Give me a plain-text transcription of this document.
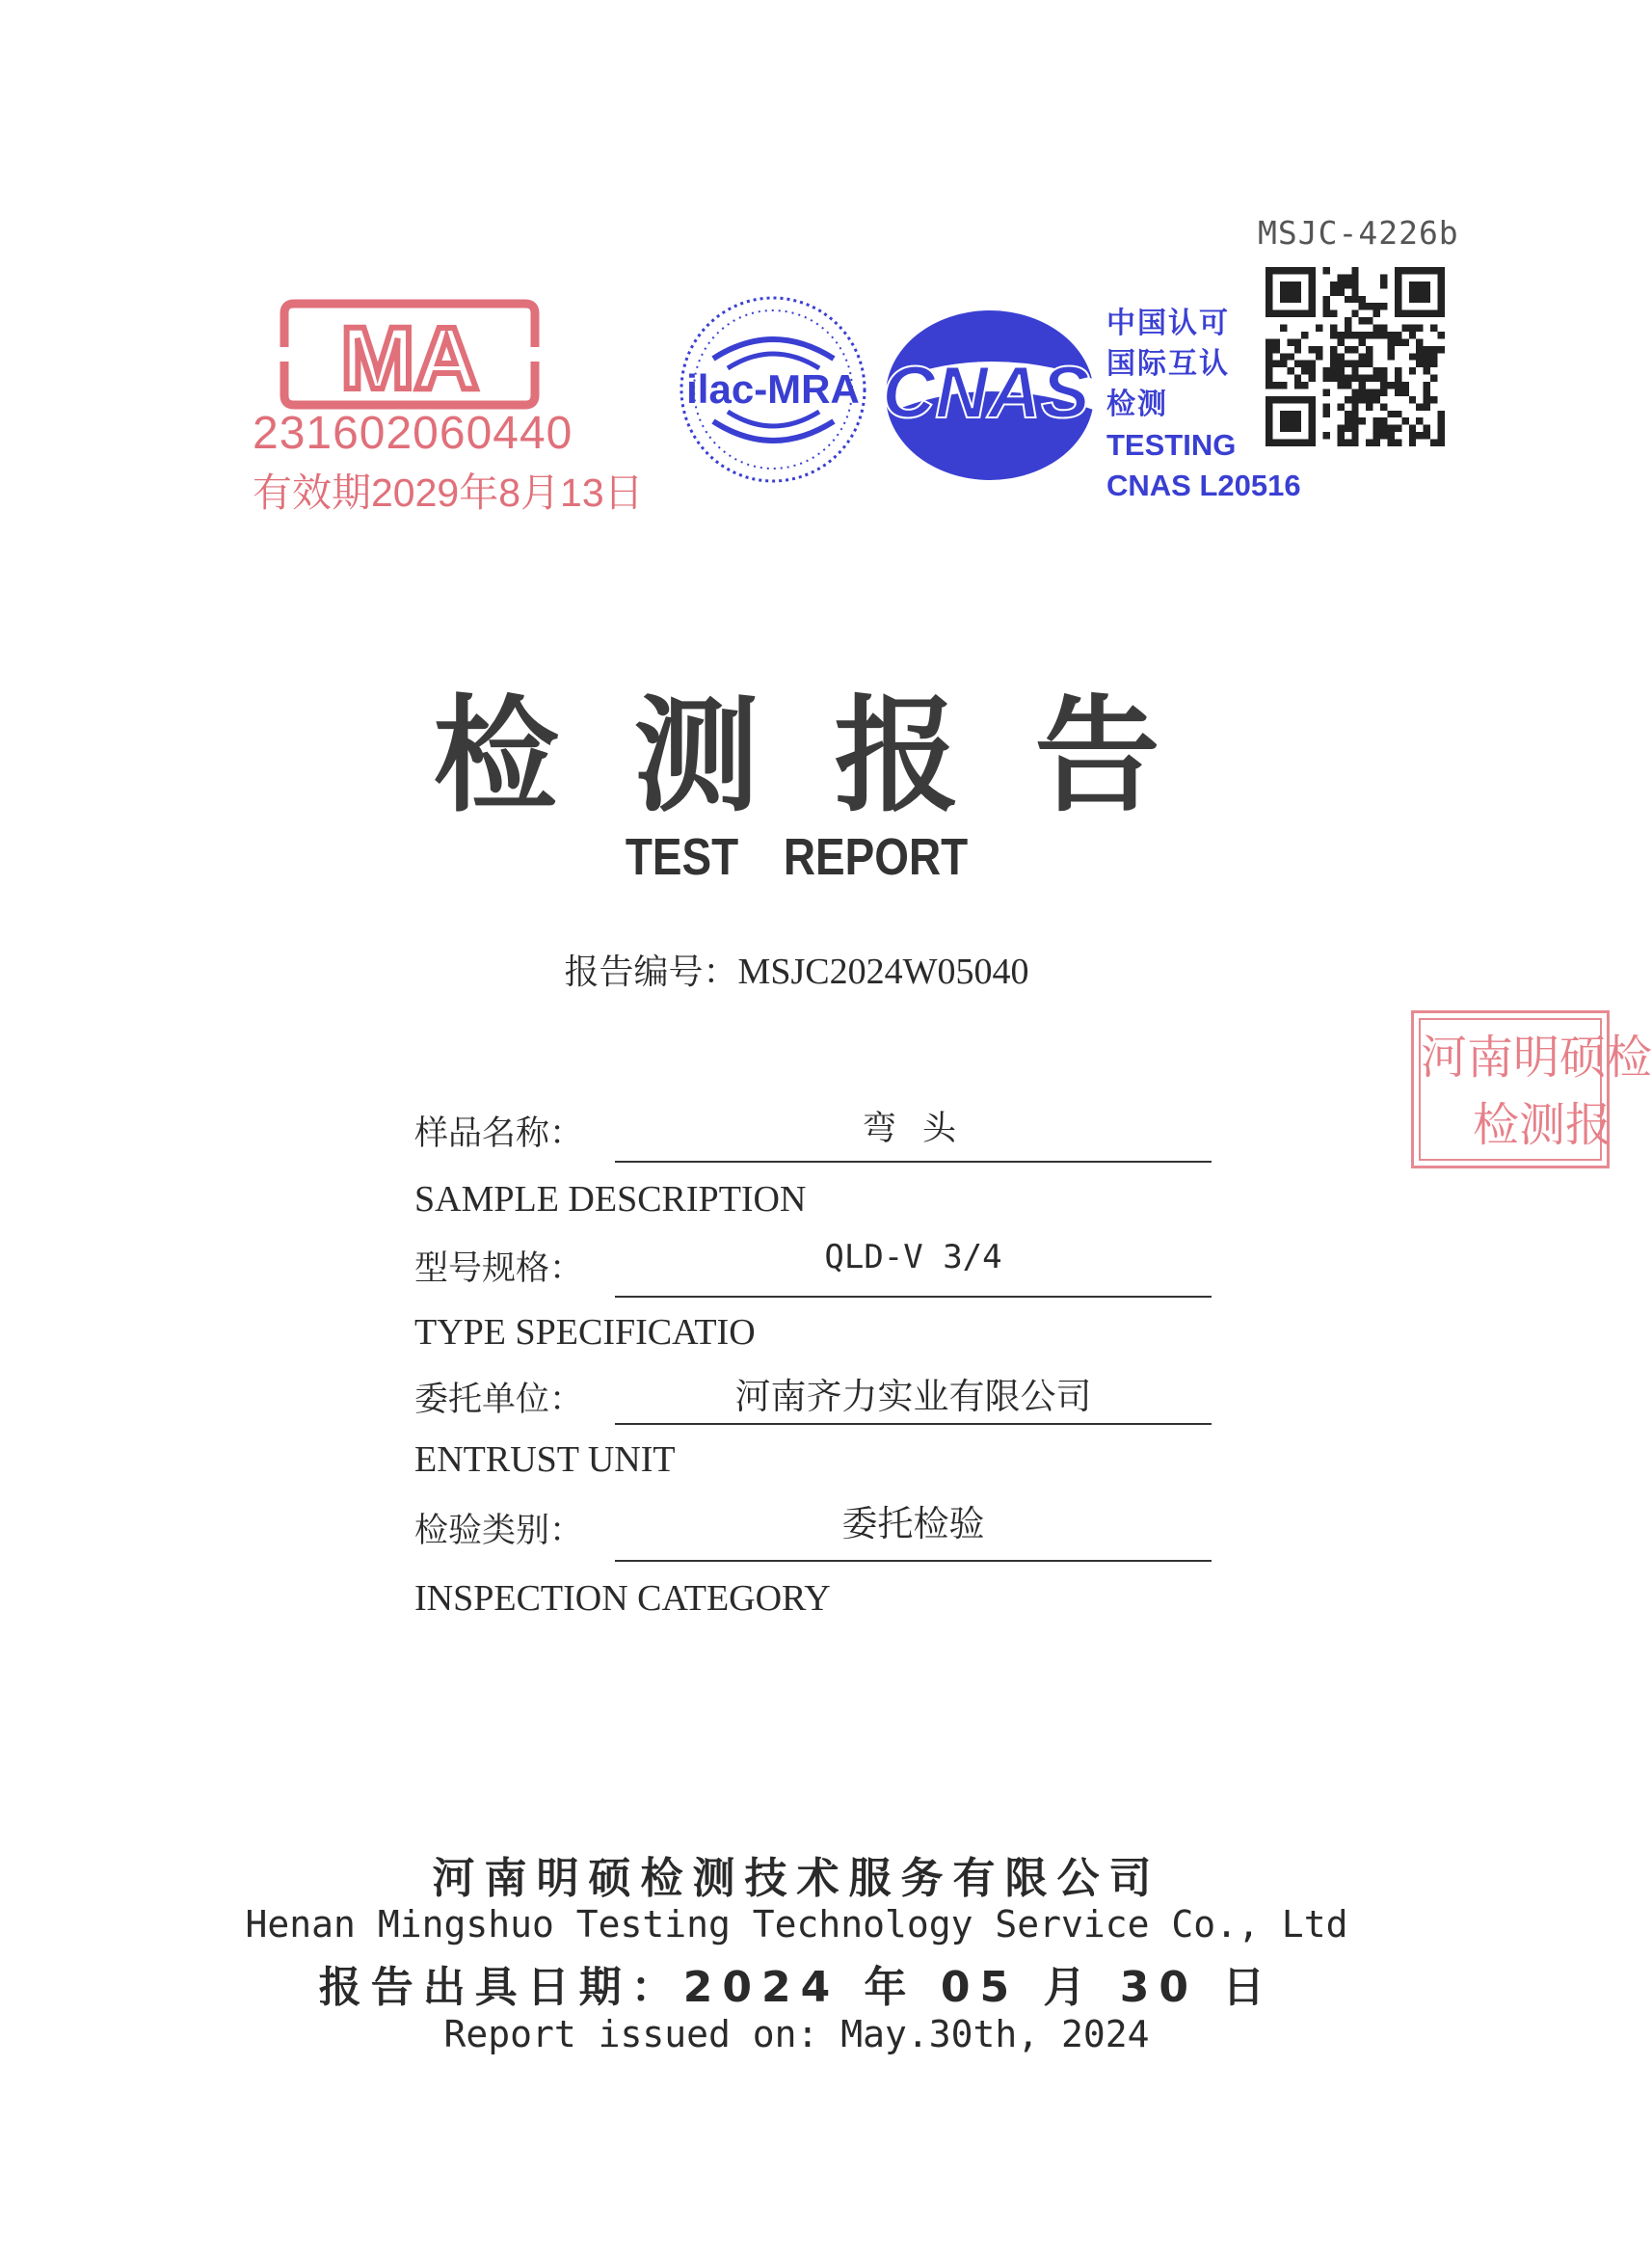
MSJC-4226b
MA
231602060440
有效期2029年8月13日
ilac-MRA CNAS
中国认可
国际互认
检测
TESTING
CNAS L20516
检测报告
TEST REPORT
报告编号：MSJC2024W05040
河南明硕检
检测报
样品名称：	弯 头
SAMPLE DESCRIPTION
型号规格：	QLD-V 3/4
TYPE SPECIFICATIO
委托单位：	河南齐力实业有限公司
ENTRUST UNIT
检验类别：	委托检验
INSPECTION CATEGORY
河南明硕检测技术服务有限公司
Henan Mingshuo Testing Technology Service Co., Ltd
报告出具日期：2024 年 05 月 30 日
Report issued on: May.30th, 2024
